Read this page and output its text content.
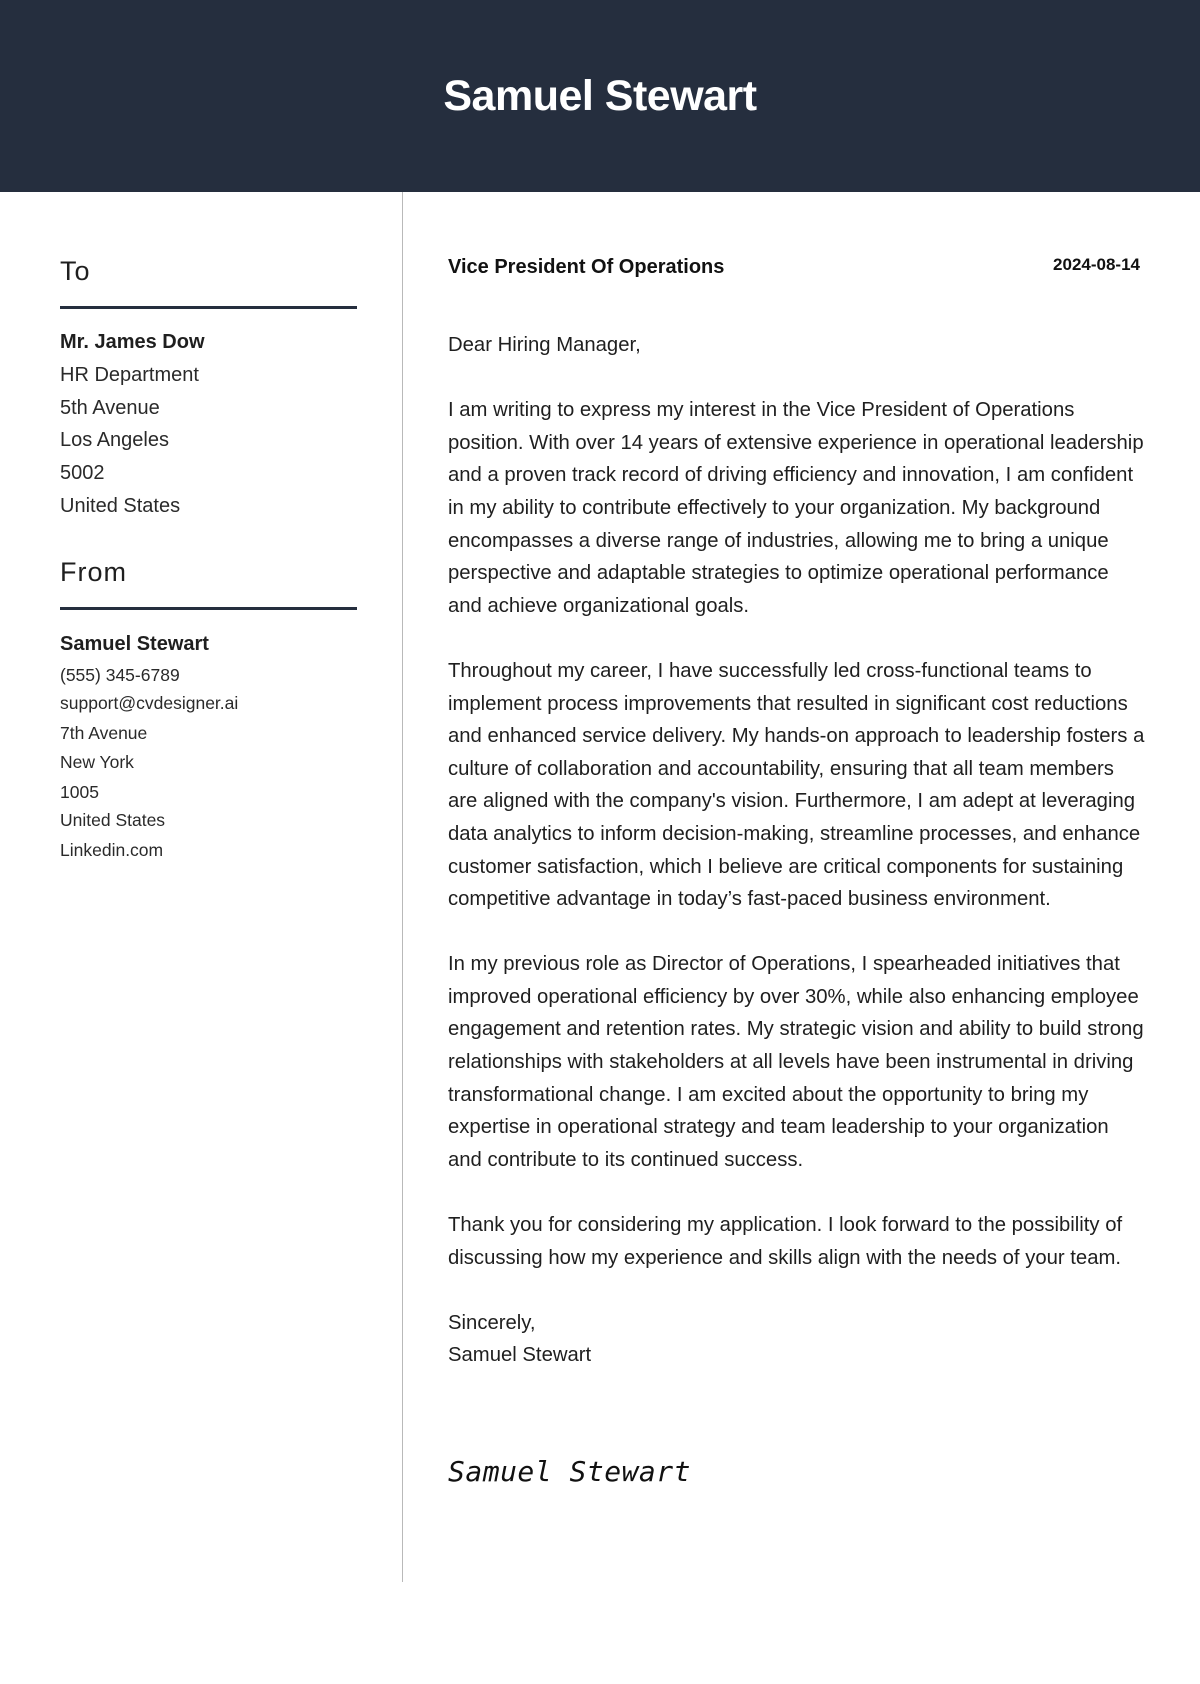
Samuel Stewart
To
Mr. James Dow
HR Department
5th Avenue
Los Angeles
5002
United States
From
Samuel Stewart
(555) 345-6789
support@cvdesigner.ai
7th Avenue
New York
1005
United States
Linkedin.com
Vice President Of Operations	2024-08-14

Dear Hiring Manager,

I am writing to express my interest in the Vice President of Operations position. With over 14 years of extensive experience in operational leadership and a proven track record of driving efficiency and innovation, I am confident in my ability to contribute effectively to your organization. My background encompasses a diverse range of industries, allowing me to bring a unique perspective and adaptable strategies to optimize operational performance and achieve organizational goals.

Throughout my career, I have successfully led cross-functional teams to implement process improvements that resulted in significant cost reductions and enhanced service delivery. My hands-on approach to leadership fosters a culture of collaboration and accountability, ensuring that all team members are aligned with the company's vision. Furthermore, I am adept at leveraging data analytics to inform decision-making, streamline processes, and enhance customer satisfaction, which I believe are critical components for sustaining competitive advantage in today’s fast-paced business environment.

In my previous role as Director of Operations, I spearheaded initiatives that improved operational efficiency by over 30%, while also enhancing employee engagement and retention rates. My strategic vision and ability to build strong relationships with stakeholders at all levels have been instrumental in driving transformational change. I am excited about the opportunity to bring my expertise in operational strategy and team leadership to your organization and contribute to its continued success.

Thank you for considering my application. I look forward to the possibility of discussing how my experience and skills align with the needs of your team.

Sincerely,
Samuel Stewart
Samuel Stewart
